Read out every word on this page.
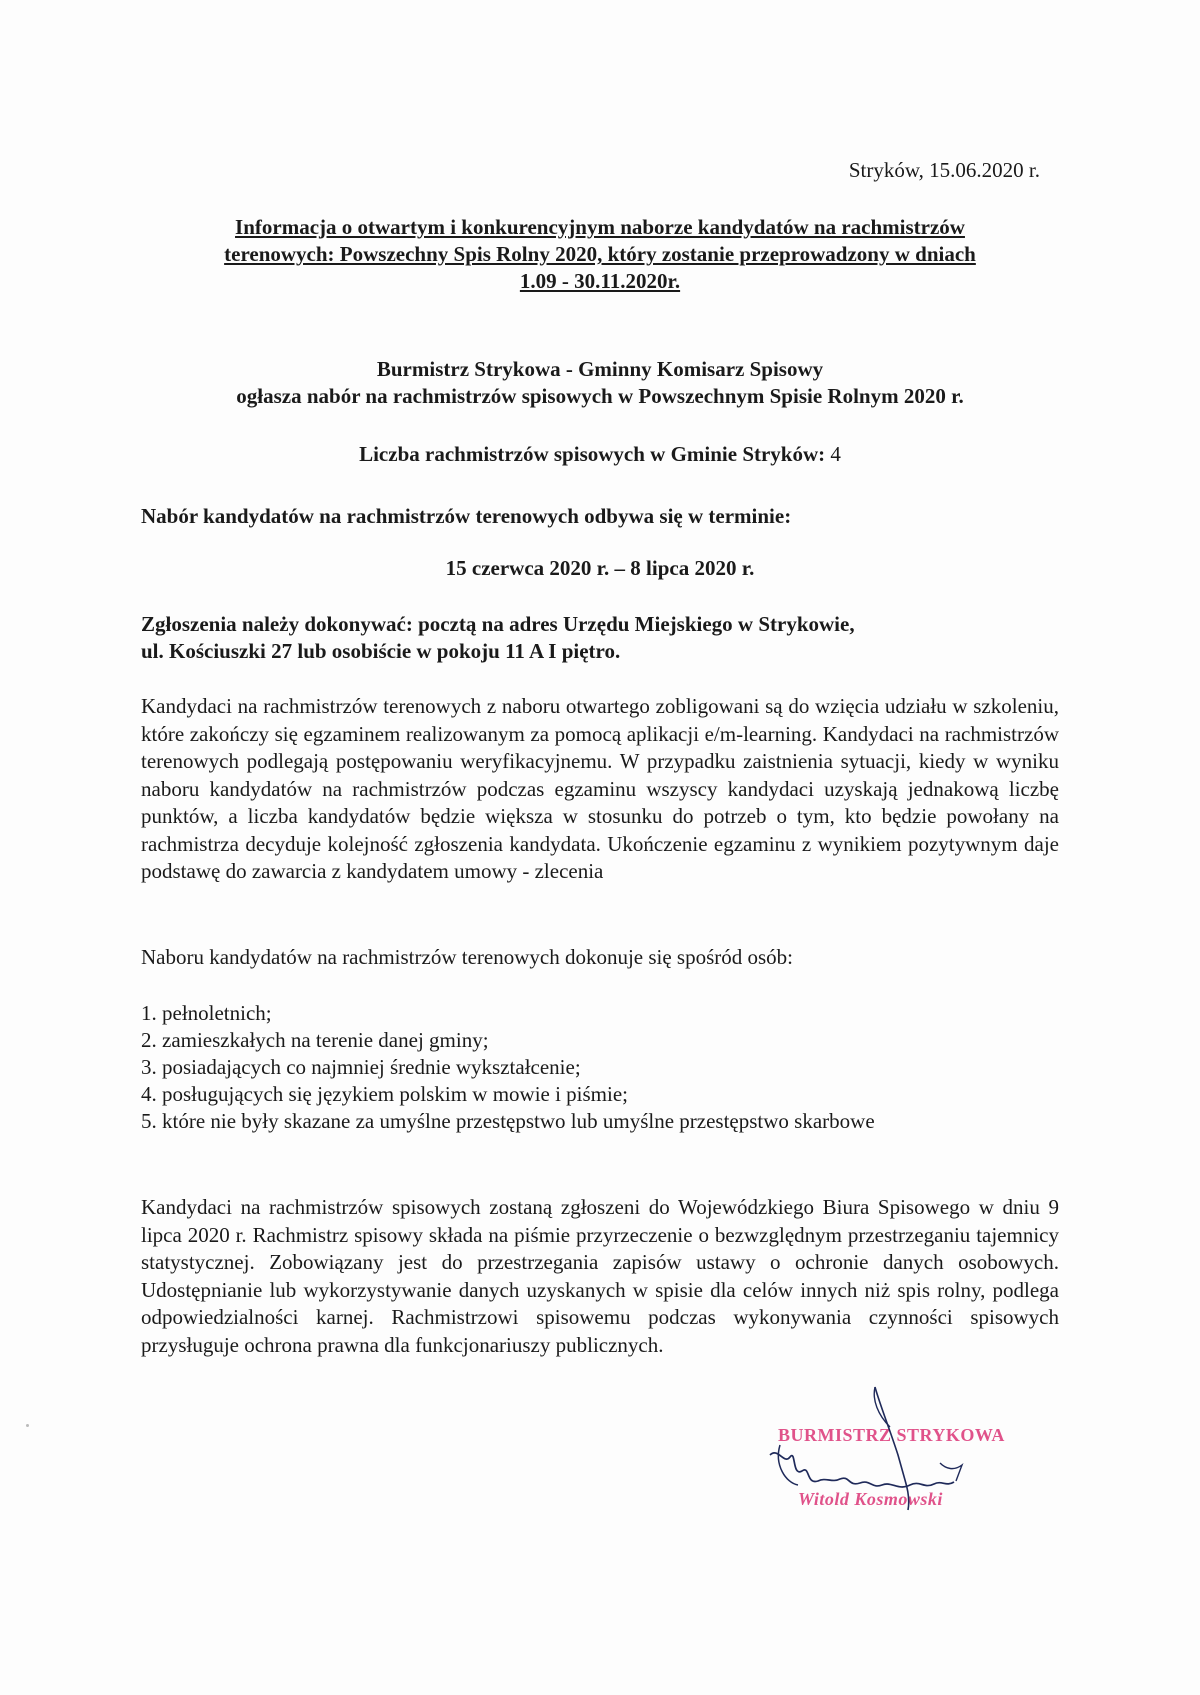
Stryków, 15.06.2020 r.
Informacja o otwartym i konkurencyjnym naborze kandydatów na rachmistrzów
terenowych: Powszechny Spis Rolny 2020, który zostanie przeprowadzony w dniach
1.09 - 30.11.2020r.
Burmistrz Strykowa - Gminny Komisarz Spisowy
ogłasza nabór na rachmistrzów spisowych w Powszechnym Spisie Rolnym 2020 r.
Liczba rachmistrzów spisowych w Gminie Stryków: 4
Nabór kandydatów na rachmistrzów terenowych odbywa się w terminie:
15 czerwca 2020 r. – 8 lipca 2020 r.
Zgłoszenia należy dokonywać: pocztą na adres Urzędu Miejskiego w Strykowie,
ul. Kościuszki 27 lub osobiście w pokoju 11 A I piętro.
Kandydaci na rachmistrzów terenowych z naboru otwartego zobligowani są do wzięcia udziału w szkoleniu, które zakończy się egzaminem realizowanym za pomocą aplikacji e/m-learning. Kandydaci na rachmistrzów terenowych podlegają postępowaniu weryfikacyjnemu. W przypadku zaistnienia sytuacji, kiedy w wyniku naboru kandydatów na rachmistrzów podczas egzaminu wszyscy kandydaci uzyskają jednakową liczbę punktów, a liczba kandydatów będzie większa w stosunku do potrzeb o tym, kto będzie powołany na rachmistrza decyduje kolejność zgłoszenia kandydata. Ukończenie egzaminu z wynikiem pozytywnym daje podstawę do zawarcia z kandydatem umowy - zlecenia
Naboru kandydatów na rachmistrzów terenowych dokonuje się spośród osób:
1. pełnoletnich;
2. zamieszkałych na terenie danej gminy;
3. posiadających co najmniej średnie wykształcenie;
4. posługujących się językiem polskim w mowie i piśmie;
5. które nie były skazane za umyślne przestępstwo lub umyślne przestępstwo skarbowe
Kandydaci na rachmistrzów spisowych zostaną zgłoszeni do Wojewódzkiego Biura Spisowego w dniu 9 lipca 2020 r. Rachmistrz spisowy składa na piśmie przyrzeczenie o bezwzględnym przestrzeganiu tajemnicy statystycznej. Zobowiązany jest do przestrzegania zapisów ustawy o ochronie danych osobowych. Udostępnianie lub wykorzystywanie danych uzyskanych w spisie dla celów innych niż spis rolny, podlega odpowiedzialności karnej. Rachmistrzowi spisowemu podczas wykonywania czynności spisowych przysługuje ochrona prawna dla funkcjonariuszy publicznych.
BURMISTRZ STRYKOWA
Witold Kosmowski
